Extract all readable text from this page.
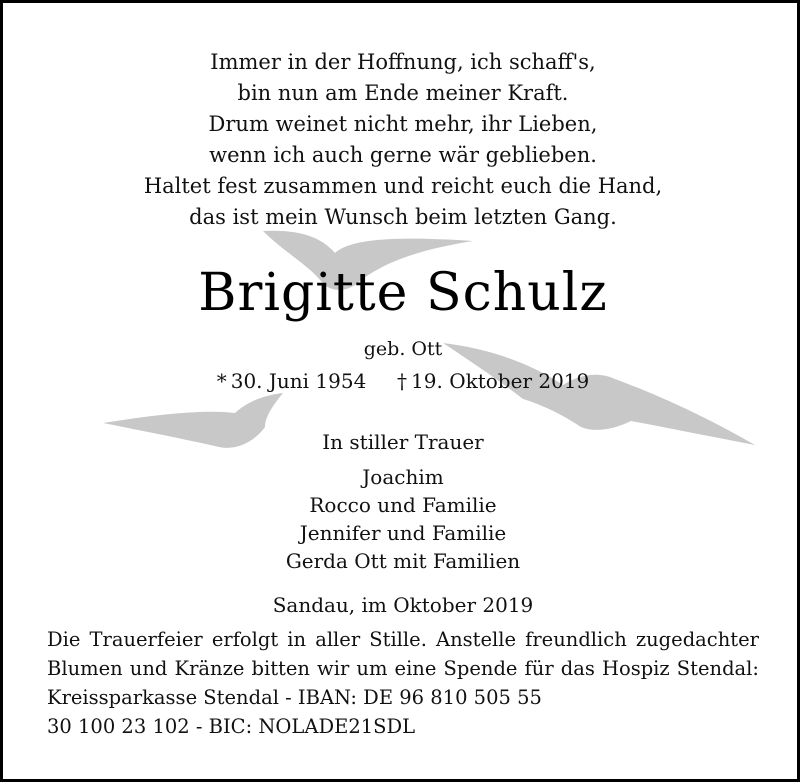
Immer in der Hoffnung, ich schaff's,
bin nun am Ende meiner Kraft.
Drum weinet nicht mehr, ihr Lieben,
wenn ich auch gerne wär geblieben.
Haltet fest zusammen und reicht euch die Hand,
das ist mein Wunsch beim letzten Gang.
Brigitte Schulz
geb. Ott
* 30. Juni 1954 † 19. Oktober 2019
In stiller Trauer
Joachim
Rocco und Familie
Jennifer und Familie
Gerda Ott mit Familien
Sandau, im Oktober 2019
Die Trauerfeier erfolgt in aller Stille. Anstelle freundlich zugedachter Blumen und Kränze bitten wir um eine Spende für das Hospiz Stendal: Kreissparkasse Stendal - IBAN: DE 96 810 505 55
30 100 23 102 - BIC: NOLADE21SDL
